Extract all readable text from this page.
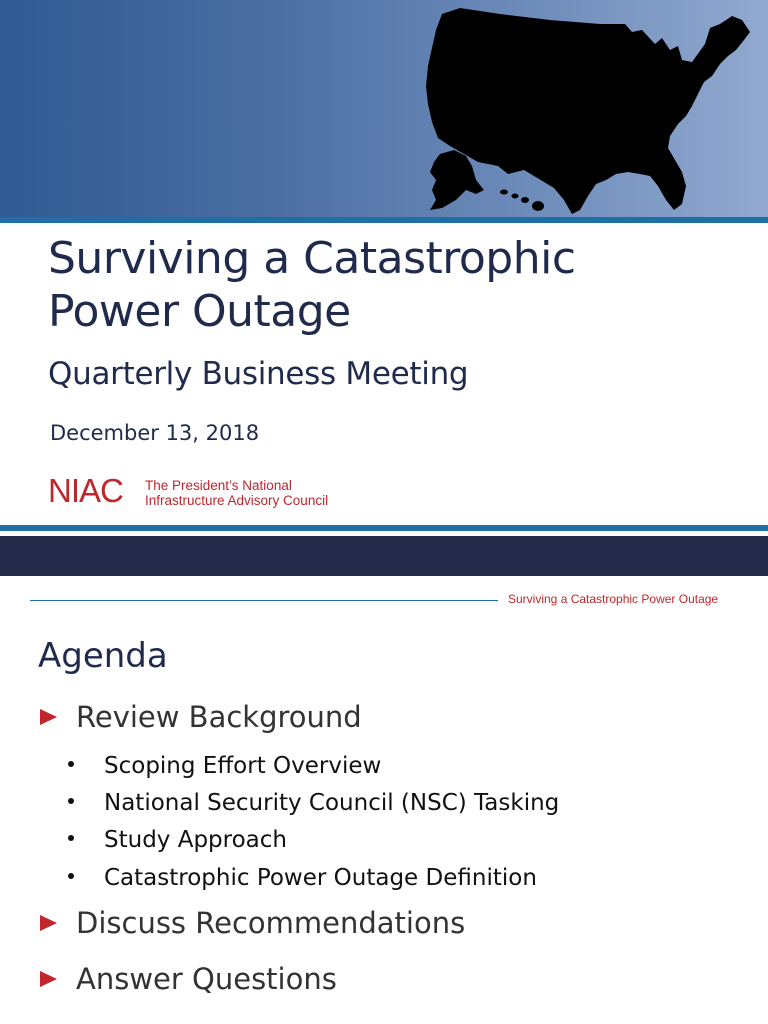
Surviving a Catastrophic
Power Outage
Quarterly Business Meeting
December 13, 2018
NIAC The President’s National
Infrastructure Advisory Council
Surviving a Catastrophic Power Outage
Agenda
Review Background
Scoping Effort Overview
National Security Council (NSC) Tasking
Study Approach
Catastrophic Power Outage Definition
Discuss Recommendations
Answer Questions
